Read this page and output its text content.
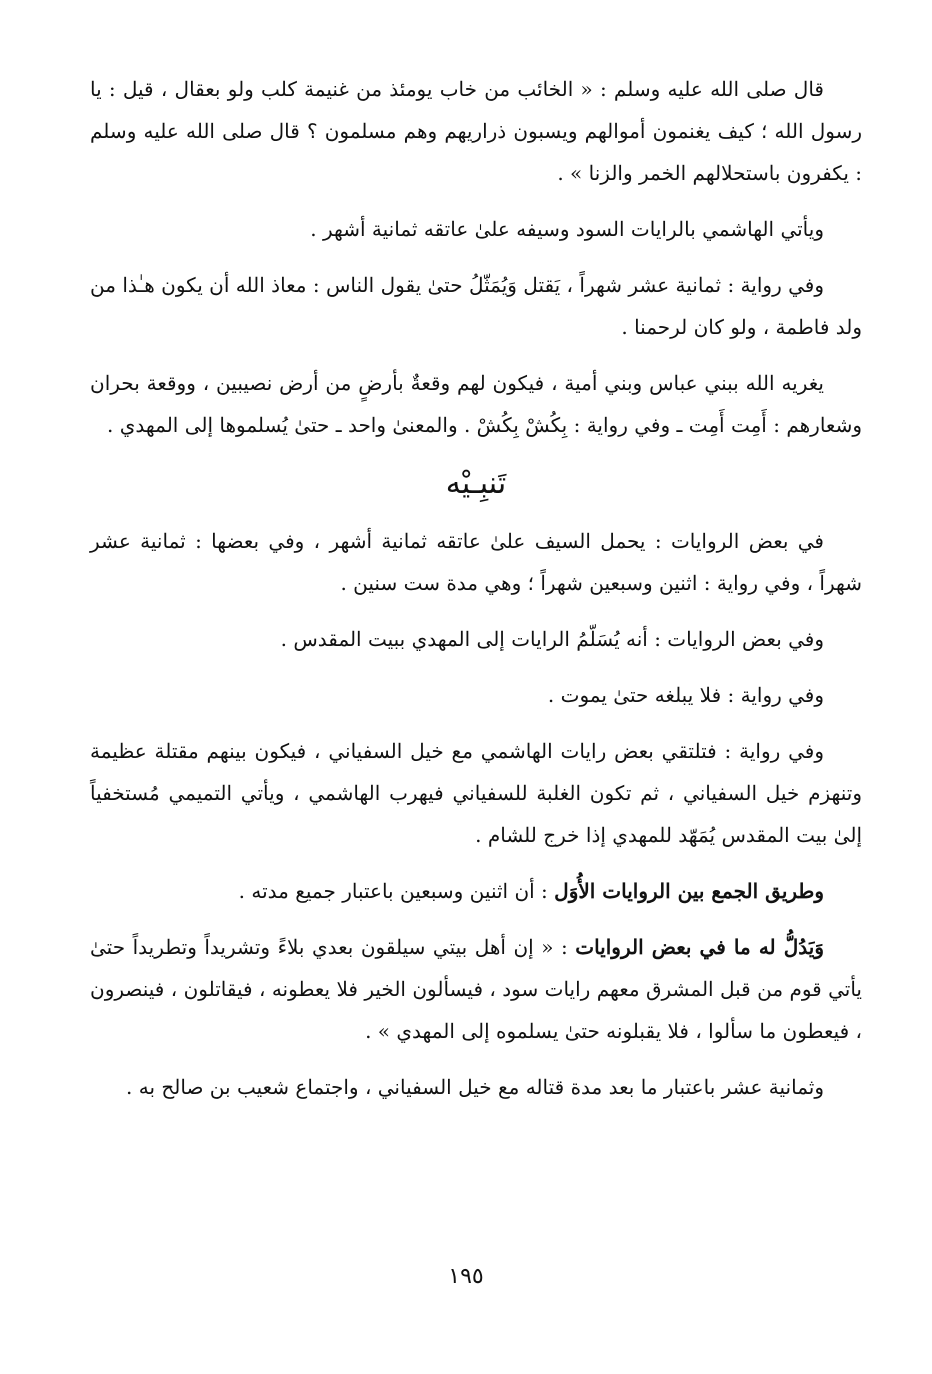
قال صلى الله عليه وسلم : « الخائب من خاب يومئذ من غنيمة كلب ولو بعقال ، قيل : يا رسول الله ؛ كيف يغنمون أموالهم ويسبون ذراريهم وهم مسلمون ؟ قال صلى الله عليه وسلم : يكفرون باستحلالهم الخمر والزنا » .

ويأتي الهاشمي بالرايات السود وسيفه علىٰ عاتقه ثمانية أشهر .

وفي رواية : ثمانية عشر شهراً ، يَقتل وَيُمَثّلُ حتىٰ يقول الناس : معاذ الله أن يكون هـٰذا من ولد فاطمة ، ولو كان لرحمنا .

يغريه الله ببني عباس وبني أمية ، فيكون لهم وقعةٌ بأرضٍ من أرض نصيبين ، ووقعة بحران وشعارهم : أَمِت أَمِت ـ وفي رواية : بِكُشْ بِكُشْ . والمعنىٰ واحد ـ حتىٰ يُسلموها إلى المهدي .

تَنبِـيْه

في بعض الروايات : يحمل السيف علىٰ عاتقه ثمانية أشهر ، وفي بعضها : ثمانية عشر شهراً ، وفي رواية : اثنين وسبعين شهراً ؛ وهي مدة ست سنين .

وفي بعض الروايات : أنه يُسَلّمُ الرايات إلى المهدي ببيت المقدس .

وفي رواية : فلا يبلغه حتىٰ يموت .

وفي رواية : فتلتقي بعض رايات الهاشمي مع خيل السفياني ، فيكون بينهم مقتلة عظيمة وتنهزم خيل السفياني ، ثم تكون الغلبة للسفياني فيهرب الهاشمي ، ويأتي التميمي مُستخفياً إلىٰ بيت المقدس يُمَهّد للمهدي إذا خرج للشام .

وطريق الجمع بين الروايات الأُوَل : أن اثنين وسبعين باعتبار جميع مدته .

وَيَدُلُّ له ما في بعض الروايات : « إن أهل بيتي سيلقون بعدي بلاءً وتشريداً وتطريداً حتىٰ يأتي قوم من قبل المشرق معهم رايات سود ، فيسألون الخير فلا يعطونه ، فيقاتلون ، فينصرون ، فيعطون ما سألوا ، فلا يقبلونه حتىٰ يسلموه إلى المهدي » .

وثمانية عشر باعتبار ما بعد مدة قتاله مع خيل السفياني ، واجتماع شعيب بن صالح به .

١٩٥
